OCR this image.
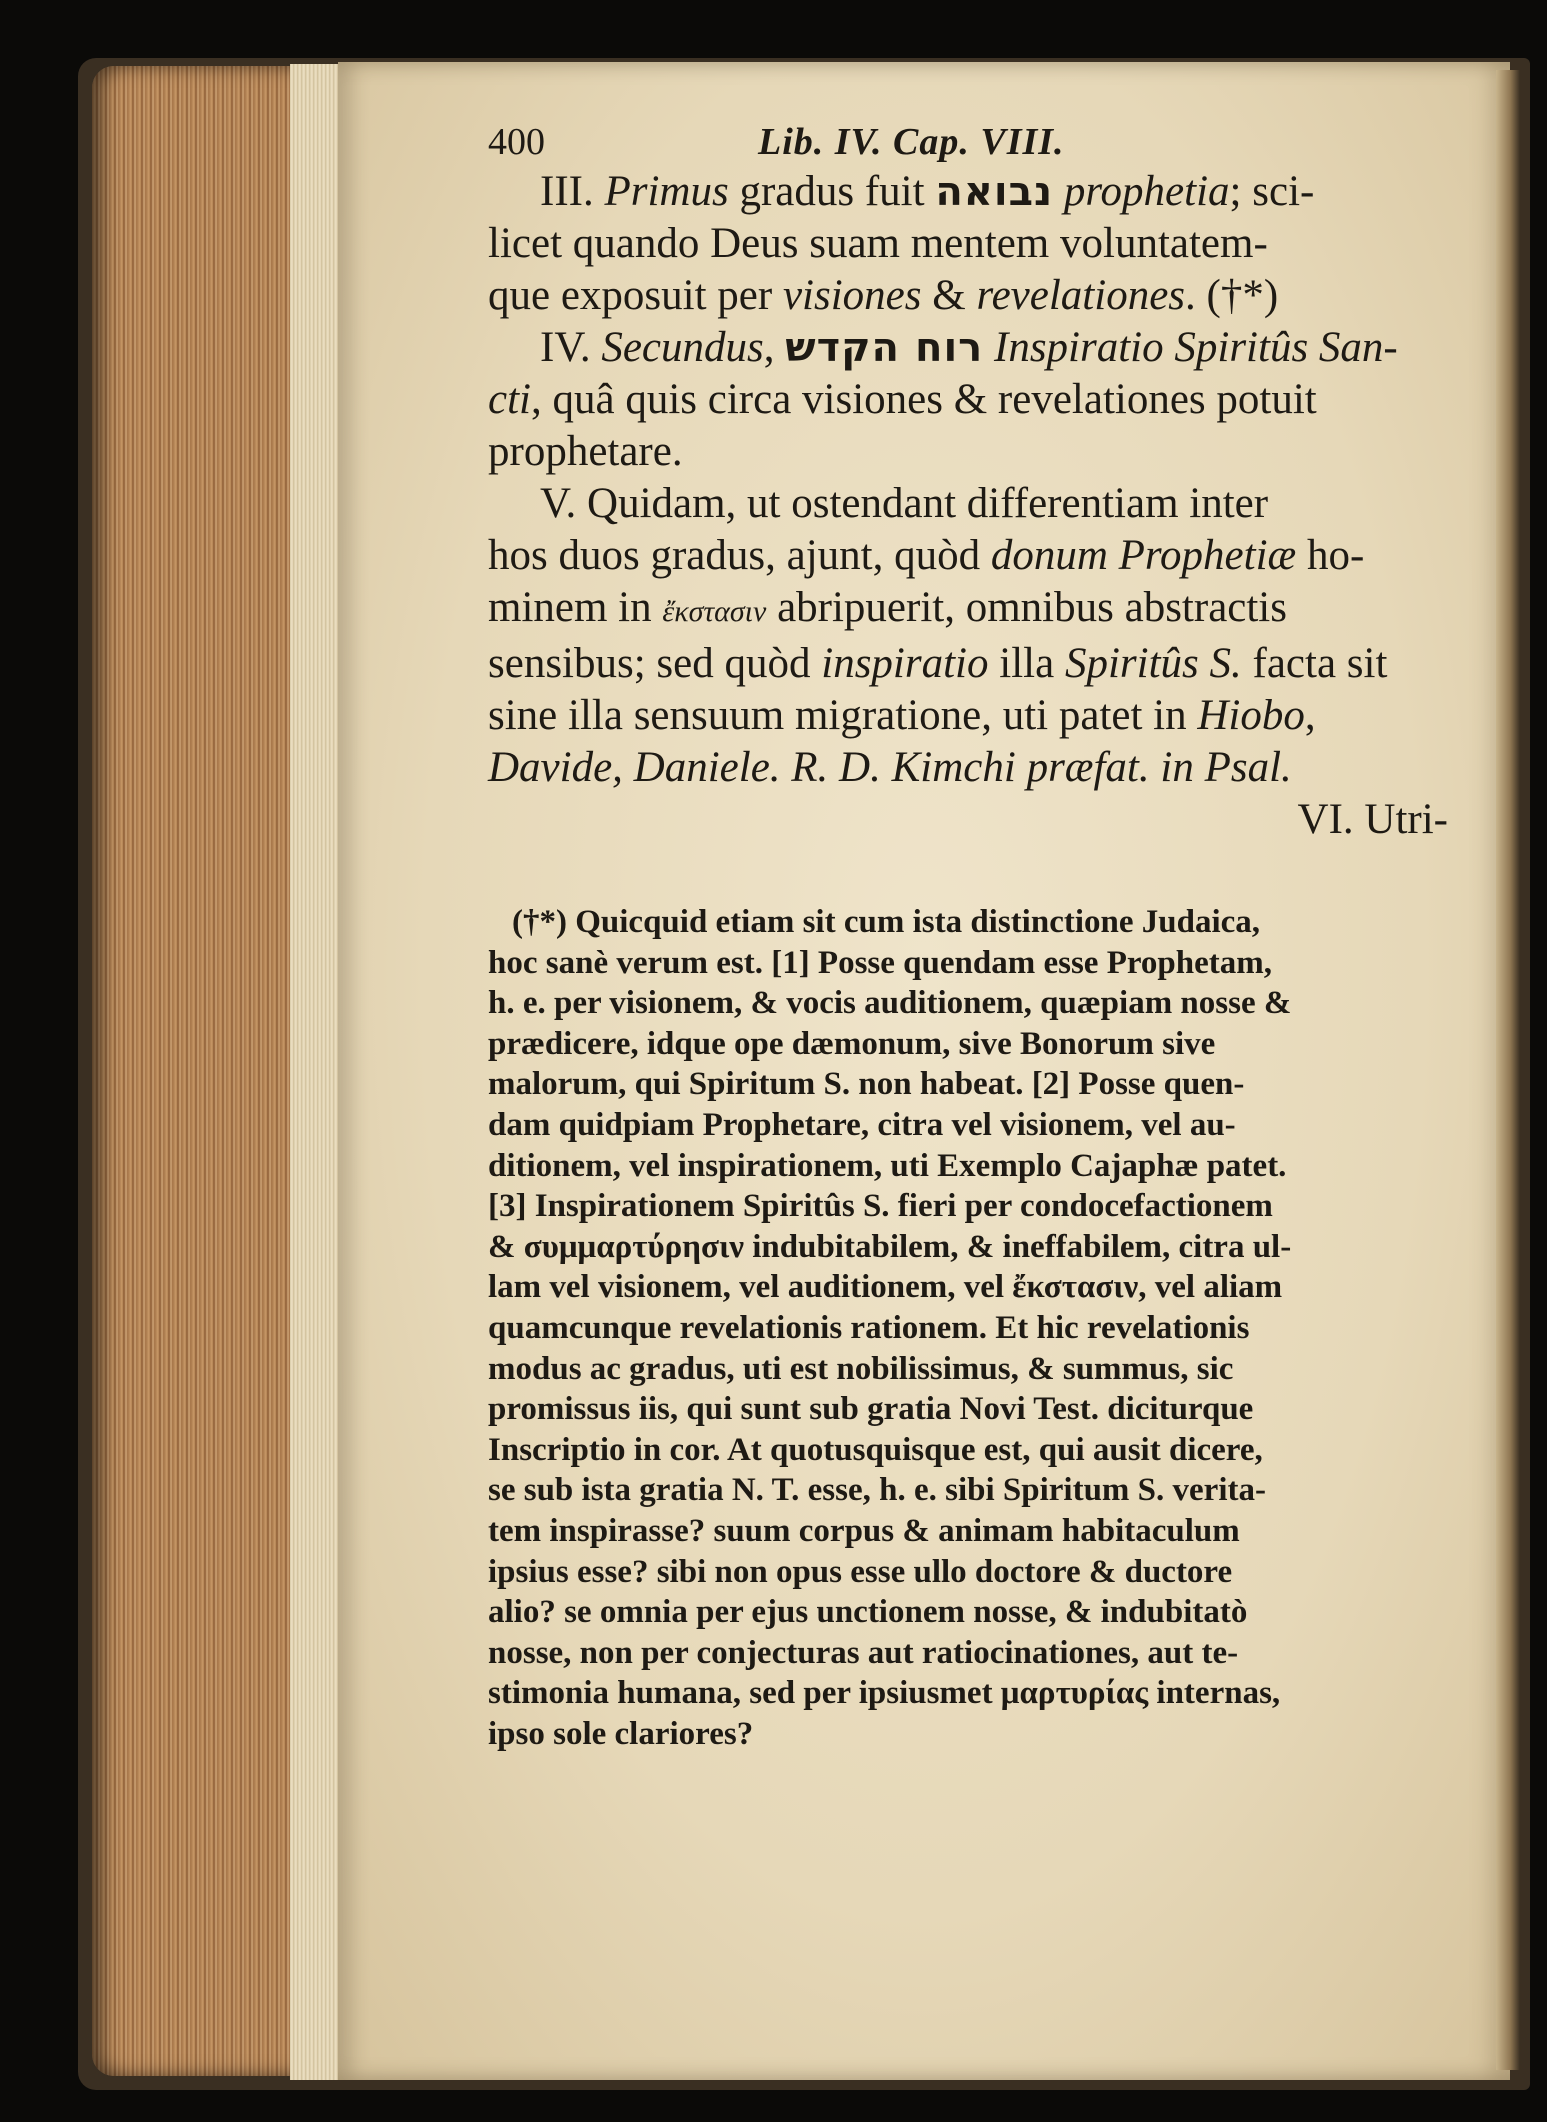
400	Lib. IV. Cap. VIII.

III. Primus gradus fuit נבואה prophetia; sci-
licet quando Deus suam mentem voluntatem-
que exposuit per visiones & revelationes. (†*)

IV. Secundus, רוח הקדש Inspiratio Spiritûs San-
cti, quâ quis circa visiones & revelationes potuit
prophetare.

V. Quidam, ut ostendant differentiam inter
hos duos gradus, ajunt, quòd donum Prophetiæ ho-
minem in ἔκστασιν abripuerit, omnibus abstractis
sensibus; sed quòd inspiratio illa Spiritûs S. facta sit
sine illa sensuum migratione, uti patet in Hiobo,
Davide, Daniele. R. D. Kimchi præfat. in Psal.

VI. Utri-
(†*) Quicquid etiam sit cum ista distinctione Judaica,
hoc sanè verum est. [1] Posse quendam esse Prophetam,
h. e. per visionem, & vocis auditionem, quæpiam nosse &
prædicere, idque ope dæmonum, sive Bonorum sive
malorum, qui Spiritum S. non habeat. [2] Posse quen-
dam quidpiam Prophetare, citra vel visionem, vel au-
ditionem, vel inspirationem, uti Exemplo Cajaphæ patet.
[3] Inspirationem Spiritûs S. fieri per condocefactionem
& συμμαρτύρησιν indubitabilem, & ineffabilem, citra ul-
lam vel visionem, vel auditionem, vel ἔκστασιν, vel aliam
quamcunque revelationis rationem. Et hic revelationis
modus ac gradus, uti est nobilissimus, & summus, sic
promissus iis, qui sunt sub gratia Novi Test. diciturque
Inscriptio in cor. At quotusquisque est, qui ausit dicere,
se sub ista gratia N. T. esse, h. e. sibi Spiritum S. verita-
tem inspirasse? suum corpus & animam habitaculum
ipsius esse? sibi non opus esse ullo doctore & ductore
alio? se omnia per ejus unctionem nosse, & indubitatò
nosse, non per conjecturas aut ratiocinationes, aut te-
stimonia humana, sed per ipsiusmet μαρτυρίας internas,
ipso sole clariores?
